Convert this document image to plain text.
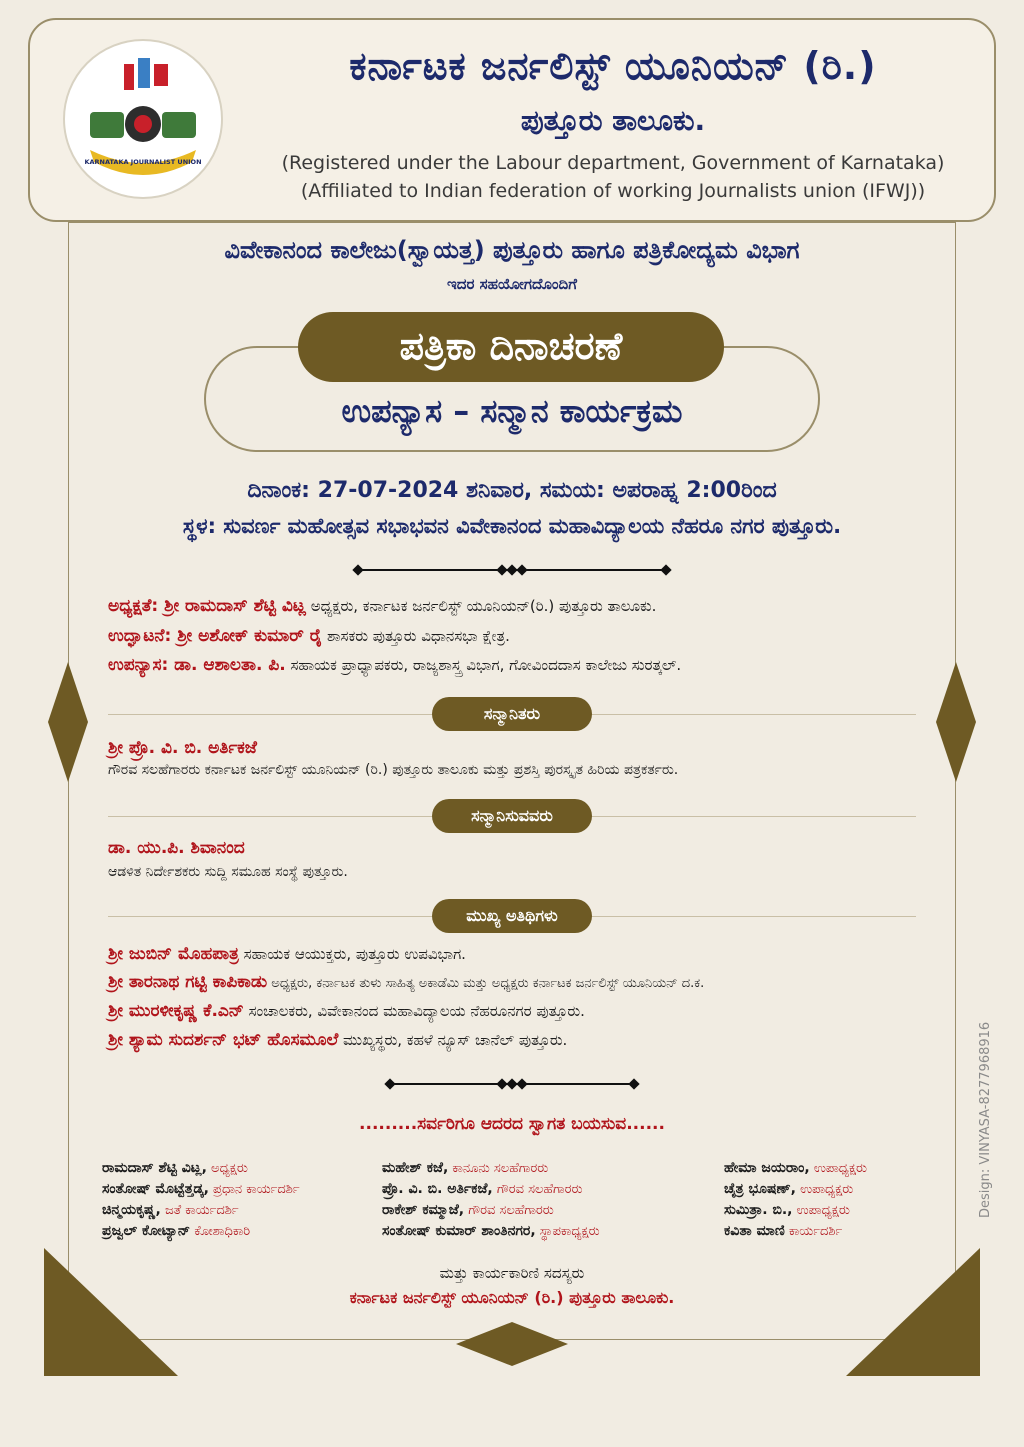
KARNATAKA JOURNALIST UNION
ಕರ್ನಾಟಕ ಜರ್ನಲಿಸ್ಟ್ ಯೂನಿಯನ್ (ರಿ.)
ಪುತ್ತೂರು ತಾಲೂಕು.
(Registered under the Labour department, Government of Karnataka)
(Affiliated to Indian federation of working Journalists union (IFWJ))
ವಿವೇಕಾನಂದ ಕಾಲೇಜು(ಸ್ವಾಯತ್ತ) ಪುತ್ತೂರು ಹಾಗೂ ಪತ್ರಿಕೋದ್ಯಮ ವಿಭಾಗ
ಇದರ ಸಹಯೋಗದೊಂದಿಗೆ
ಪತ್ರಿಕಾ ದಿನಾಚರಣೆ
ಉಪನ್ಯಾಸ – ಸನ್ಮಾನ ಕಾರ್ಯಕ್ರಮ
ದಿನಾಂಕ: 27-07-2024 ಶನಿವಾರ, ಸಮಯ: ಅಪರಾಹ್ನ 2:00ರಿಂದ
ಸ್ಥಳ: ಸುವರ್ಣ ಮಹೋತ್ಸವ ಸಭಾಭವನ ವಿವೇಕಾನಂದ ಮಹಾವಿದ್ಯಾಲಯ ನೆಹರೂ ನಗರ ಪುತ್ತೂರು.
ಅಧ್ಯಕ್ಷತೆ: ಶ್ರೀ ರಾಮದಾಸ್ ಶೆಟ್ಟಿ ವಿಟ್ಲ ಅಧ್ಯಕ್ಷರು, ಕರ್ನಾಟಕ ಜರ್ನಲಿಸ್ಟ್ ಯೂನಿಯನ್(ರಿ.) ಪುತ್ತೂರು ತಾಲೂಕು.
ಉದ್ಘಾಟನೆ: ಶ್ರೀ ಅಶೋಕ್ ಕುಮಾರ್ ರೈ ಶಾಸಕರು ಪುತ್ತೂರು ವಿಧಾನಸಭಾ ಕ್ಷೇತ್ರ.
ಉಪನ್ಯಾಸ: ಡಾ. ಆಶಾಲತಾ. ಪಿ. ಸಹಾಯಕ ಪ್ರಾಧ್ಯಾಪಕರು, ರಾಜ್ಯಶಾಸ್ತ್ರ ವಿಭಾಗ, ಗೋವಿಂದದಾಸ ಕಾಲೇಜು ಸುರತ್ಕಲ್.
ಸನ್ಮಾನಿತರು
ಶ್ರೀ ಪ್ರೊ. ವಿ. ಬಿ. ಅರ್ತಿಕಜೆ
ಗೌರವ ಸಲಹೆಗಾರರು ಕರ್ನಾಟಕ ಜರ್ನಲಿಸ್ಟ್ ಯೂನಿಯನ್ (ರಿ.) ಪುತ್ತೂರು ತಾಲೂಕು ಮತ್ತು ಪ್ರಶಸ್ತಿ ಪುರಸ್ಕೃತ ಹಿರಿಯ ಪತ್ರಕರ್ತರು.
ಸನ್ಮಾನಿಸುವವರು
ಡಾ. ಯು.ಪಿ. ಶಿವಾನಂದ
ಆಡಳಿತ ನಿರ್ದೇಶಕರು ಸುದ್ದಿ ಸಮೂಹ ಸಂಸ್ಥೆ ಪುತ್ತೂರು.
ಮುಖ್ಯ ಅತಿಥಿಗಳು
ಶ್ರೀ ಜುಬಿನ್ ಮೊಹಪಾತ್ರ ಸಹಾಯಕ ಆಯುಕ್ತರು, ಪುತ್ತೂರು ಉಪವಿಭಾಗ.
ಶ್ರೀ ತಾರನಾಥ ಗಟ್ಟಿ ಕಾಪಿಕಾಡು ಅಧ್ಯಕ್ಷರು, ಕರ್ನಾಟಕ ತುಳು ಸಾಹಿತ್ಯ ಅಕಾಡೆಮಿ ಮತ್ತು ಅಧ್ಯಕ್ಷರು ಕರ್ನಾಟಕ ಜರ್ನಲಿಸ್ಟ್ ಯೂನಿಯನ್ ದ.ಕ.
ಶ್ರೀ ಮುರಳೀಕೃಷ್ಣ ಕೆ.ಎನ್ ಸಂಚಾಲಕರು, ವಿವೇಕಾನಂದ ಮಹಾವಿದ್ಯಾಲಯ ನೆಹರೂನಗರ ಪುತ್ತೂರು.
ಶ್ರೀ ಶ್ಯಾಮ ಸುದರ್ಶನ್ ಭಟ್ ಹೊಸಮೂಲೆ ಮುಖ್ಯಸ್ಥರು, ಕಹಳೆ ನ್ಯೂಸ್ ಚಾನೆಲ್ ಪುತ್ತೂರು.
.........ಸರ್ವರಿಗೂ ಆದರದ ಸ್ವಾಗತ ಬಯಸುವ......
ರಾಮದಾಸ್ ಶೆಟ್ಟಿ ವಿಟ್ಲ, ಅಧ್ಯಕ್ಷರು
ಸಂತೋಷ್ ಮೊಟ್ಟೆತ್ತಡ್ಕ, ಪ್ರಧಾನ ಕಾರ್ಯದರ್ಶಿ
ಚಿನ್ಮಯಕೃಷ್ಣ, ಜತೆ ಕಾರ್ಯದರ್ಶಿ
ಪ್ರಜ್ವಲ್ ಕೋಟ್ಯಾನ್ ಕೋಶಾಧಿಕಾರಿ
ಮಹೇಶ್ ಕಜೆ, ಕಾನೂನು ಸಲಹೆಗಾರರು
ಪ್ರೊ. ವಿ. ಬಿ. ಅರ್ತಿಕಜೆ, ಗೌರವ ಸಲಹೆಗಾರರು
ರಾಕೇಶ್ ಕಮ್ಮಾಜೆ, ಗೌರವ ಸಲಹೆಗಾರರು
ಸಂತೋಷ್ ಕುಮಾರ್ ಶಾಂತಿನಗರ, ಸ್ಥಾಪಕಾಧ್ಯಕ್ಷರು
ಹೇಮಾ ಜಯರಾಂ, ಉಪಾಧ್ಯಕ್ಷರು
ಚೈತ್ರ ಭೂಷಣ್, ಉಪಾಧ್ಯಕ್ಷರು
ಸುಮಿತ್ರಾ. ಬಿ., ಉಪಾಧ್ಯಕ್ಷರು
ಕವಿತಾ ಮಾಣಿ ಕಾರ್ಯದರ್ಶಿ
ಮತ್ತು ಕಾರ್ಯಕಾರಿಣಿ ಸದಸ್ಯರು
ಕರ್ನಾಟಕ ಜರ್ನಲಿಸ್ಟ್ ಯೂನಿಯನ್ (ರಿ.) ಪುತ್ತೂರು ತಾಲೂಕು.
Design: VINYASA-8277968916
